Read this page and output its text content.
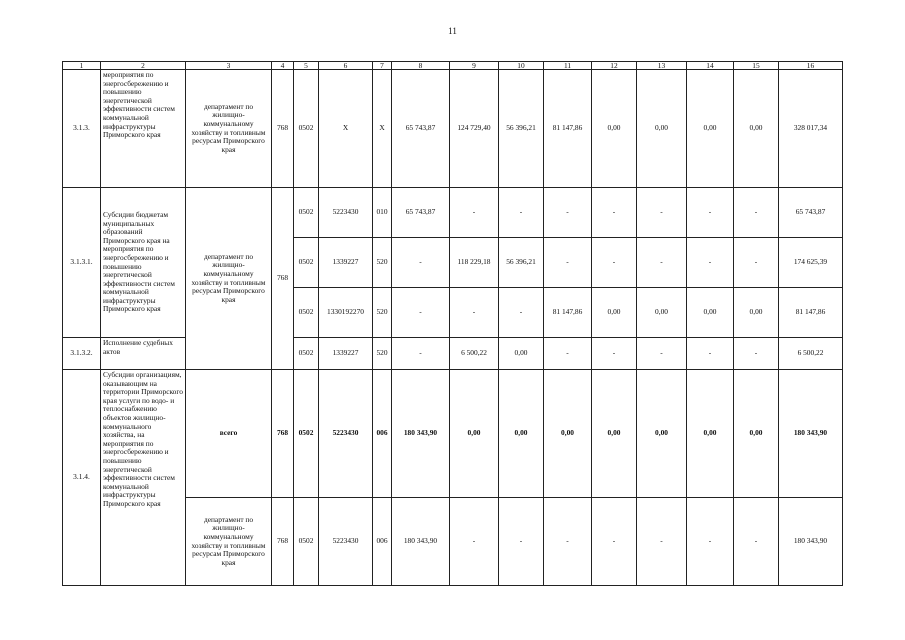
11
1	2	3	4	5	6	7	8	9	10	11	12	13	14	15	16
3.1.3.	мероприятия по энергосбережению и повышению энергетической эффективности систем коммунальной инфраструктуры Приморского края	департамент по жилищно-коммунальному хозяйству и топливным ресурсам Приморского края	768	0502	X	X	65 743,87	124 729,40	56 396,21	81 147,86	0,00	0,00	0,00	0,00	328 017,34
3.1.3.1.	Субсидии бюджетам муниципальных образований Приморского края на мероприятия по энергосбережению и повышению энергетической эффективности систем коммунальной инфраструктуры Приморского края	департамент по жилищно-коммунальному хозяйству и топливным ресурсам Приморского края	768	0502	5223430	010	65 743,87	-	-	-	-	-	-	-	65 743,87
				0502	1339227	520	-	118 229,18	56 396,21	-	-	-	-	-	174 625,39
				0502	1330192270	520	-	-	-	81 147,86	0,00	0,00	0,00	0,00	81 147,86
3.1.3.2.	Исполнение судебных актов			0502	1339227	520	-	6 500,22	0,00	-	-	-	-	-	6 500,22
3.1.4.	Субсидии организациям, оказывающим на территории Приморского края услуги по водо- и теплоснабжению объектов жилищно-коммунального хозяйства, на мероприятия по энергосбережению и повышению энергетической эффективности систем коммунальной инфраструктуры Приморского края	всего	768	0502	5223430	006	180 343,90	0,00	0,00	0,00	0,00	0,00	0,00	0,00	180 343,90
		департамент по жилищно-коммунальному хозяйству и топливным ресурсам Приморского края	768	0502	5223430	006	180 343,90	-	-	-	-	-	-	-	180 343,90
